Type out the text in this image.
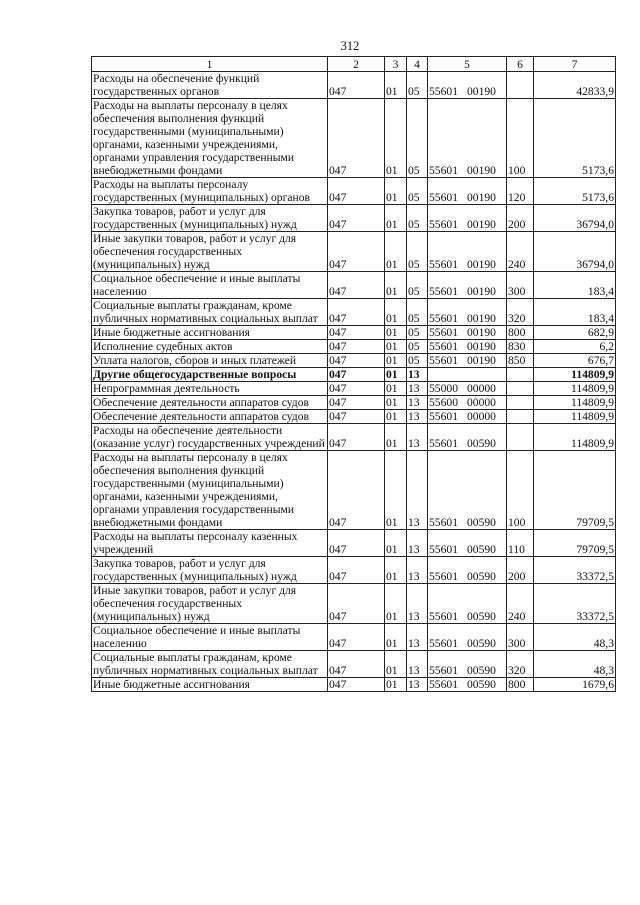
312
1	2	3	4	5	6	7
Расходы на обеспечение функций государственных органов	047	01	05	55601 00190		42833,9
Расходы на выплаты персоналу в целях обеспечения выполнения функций государственными (муниципальными) органами, казенными учреждениями, органами управления государственными внебюджетными фондами	047	01	05	55601 00190	100	5173,6
Расходы на выплаты персоналу государственных (муниципальных) органов	047	01	05	55601 00190	120	5173,6
Закупка товаров, работ и услуг для государственных (муниципальных) нужд	047	01	05	55601 00190	200	36794,0
Иные закупки товаров, работ и услуг для обеспечения государственных (муниципальных) нужд	047	01	05	55601 00190	240	36794,0
Социальное обеспечение и иные выплаты населению	047	01	05	55601 00190	300	183,4
Социальные выплаты гражданам, кроме публичных нормативных социальных выплат	047	01	05	55601 00190	320	183,4
Иные бюджетные ассигнования	047	01	05	55601 00190	800	682,9
Исполнение судебных актов	047	01	05	55601 00190	830	6,2
Уплата налогов, сборов и иных платежей	047	01	05	55601 00190	850	676,7
Другие общегосударственные вопросы	047	01	13			114809,9
Непрограммная деятельность	047	01	13	55000 00000		114809,9
Обеспечение деятельности аппаратов судов	047	01	13	55600 00000		114809,9
Обеспечение деятельности аппаратов судов	047	01	13	55601 00000		114809,9
Расходы на обеспечение деятельности (оказание услуг) государственных учреждений	047	01	13	55601 00590		114809,9
Расходы на выплаты персоналу в целях обеспечения выполнения функций государственными (муниципальными) органами, казенными учреждениями, органами управления государственными внебюджетными фондами	047	01	13	55601 00590	100	79709,5
Расходы на выплаты персоналу казенных учреждений	047	01	13	55601 00590	110	79709,5
Закупка товаров, работ и услуг для государственных (муниципальных) нужд	047	01	13	55601 00590	200	33372,5
Иные закупки товаров, работ и услуг для обеспечения государственных (муниципальных) нужд	047	01	13	55601 00590	240	33372,5
Социальное обеспечение и иные выплаты населению	047	01	13	55601 00590	300	48,3
Социальные выплаты гражданам, кроме публичных нормативных социальных выплат	047	01	13	55601 00590	320	48,3
Иные бюджетные ассигнования	047	01	13	55601 00590	800	1679,6
